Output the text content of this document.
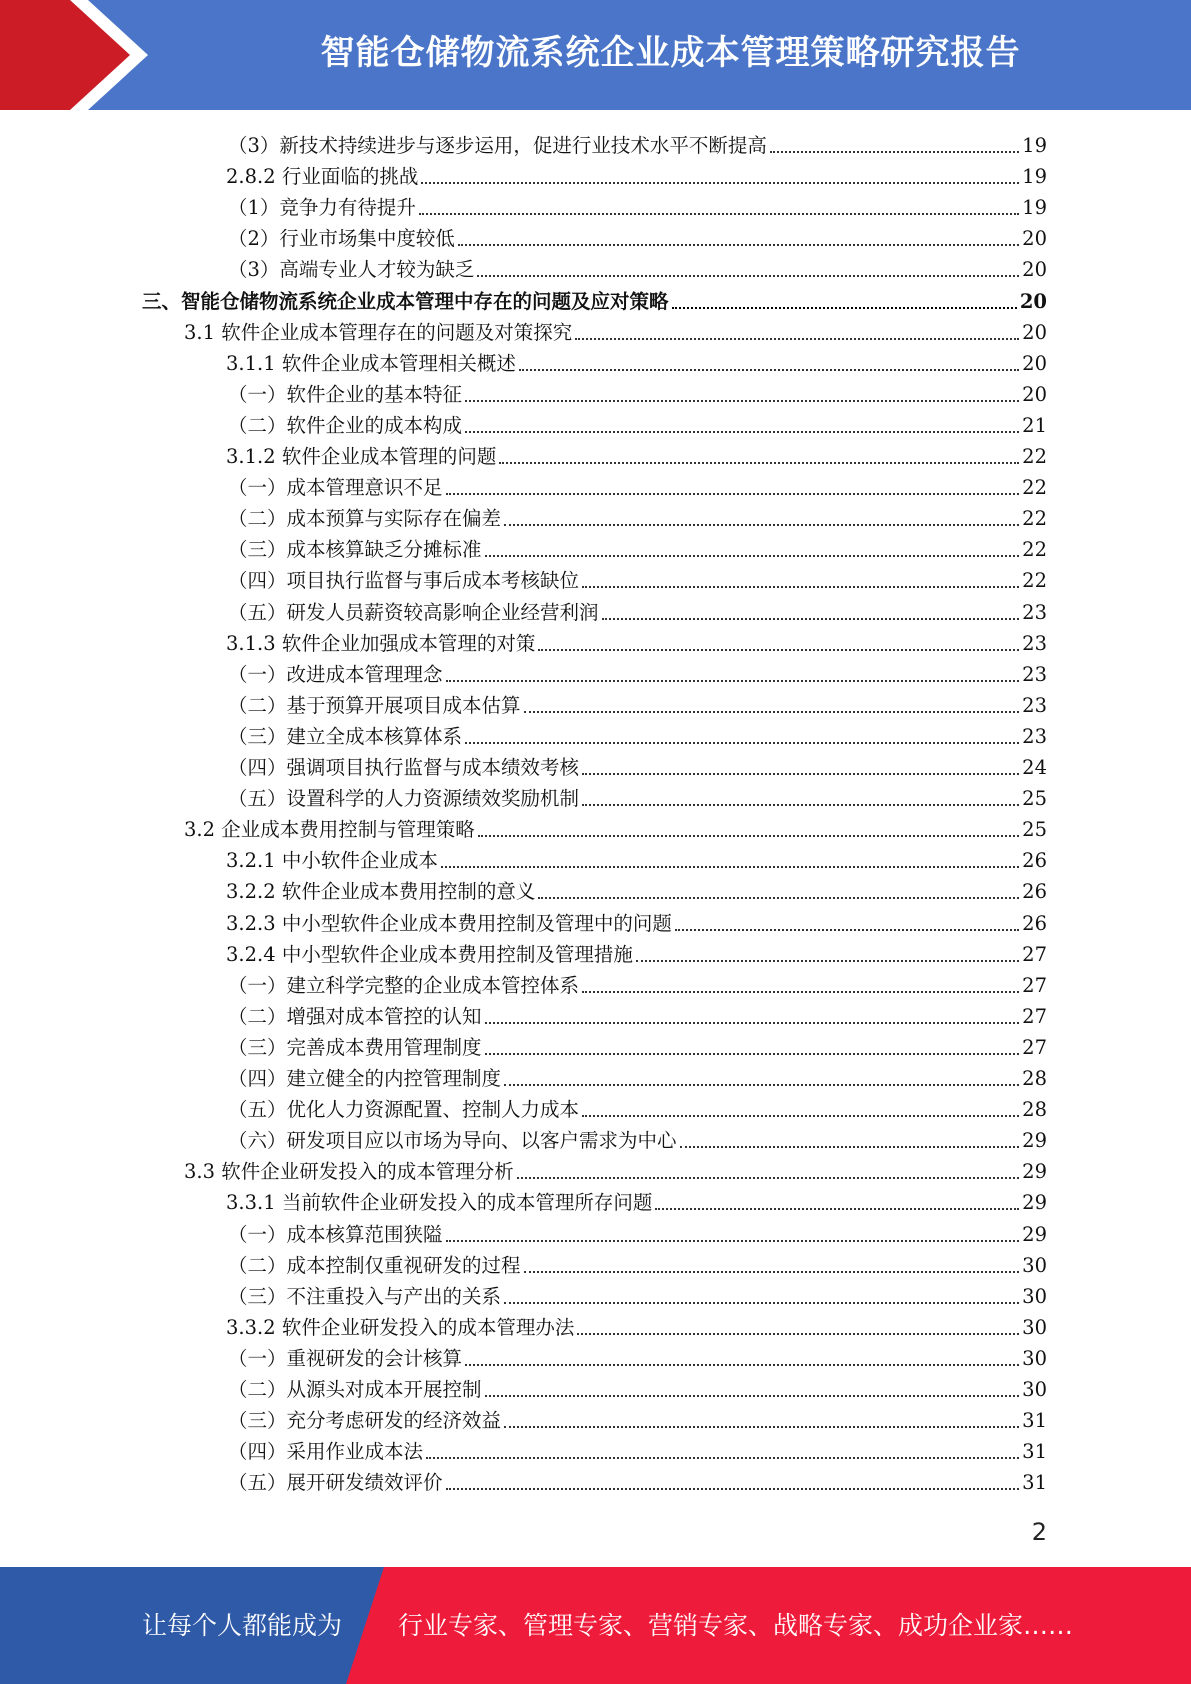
智能仓储物流系统企业成本管理策略研究报告
（3）新技术持续进步与逐步运用，促进行业技术水平不断提高	19
2.8.2 行业面临的挑战	19
（1）竞争力有待提升	19
（2）行业市场集中度较低	20
（3）高端专业人才较为缺乏	20
三、智能仓储物流系统企业成本管理中存在的问题及应对策略	20
3.1 软件企业成本管理存在的问题及对策探究	20
3.1.1 软件企业成本管理相关概述	20
（一）软件企业的基本特征	20
（二）软件企业的成本构成	21
3.1.2 软件企业成本管理的问题	22
（一）成本管理意识不足	22
（二）成本预算与实际存在偏差	22
（三）成本核算缺乏分摊标准	22
（四）项目执行监督与事后成本考核缺位	22
（五）研发人员薪资较高影响企业经营利润	23
3.1.3 软件企业加强成本管理的对策	23
（一）改进成本管理理念	23
（二）基于预算开展项目成本估算	23
（三）建立全成本核算体系	23
（四）强调项目执行监督与成本绩效考核	24
（五）设置科学的人力资源绩效奖励机制	25
3.2 企业成本费用控制与管理策略	25
3.2.1 中小软件企业成本	26
3.2.2 软件企业成本费用控制的意义	26
3.2.3 中小型软件企业成本费用控制及管理中的问题	26
3.2.4 中小型软件企业成本费用控制及管理措施	27
（一）建立科学完整的企业成本管控体系	27
（二）增强对成本管控的认知	27
（三）完善成本费用管理制度	27
（四）建立健全的内控管理制度	28
（五）优化人力资源配置、控制人力成本	28
（六）研发项目应以市场为导向、以客户需求为中心	29
3.3 软件企业研发投入的成本管理分析	29
3.3.1 当前软件企业研发投入的成本管理所存问题	29
（一）成本核算范围狭隘	29
（二）成本控制仅重视研发的过程	30
（三）不注重投入与产出的关系	30
3.3.2 软件企业研发投入的成本管理办法	30
（一）重视研发的会计核算	30
（二）从源头对成本开展控制	30
（三）充分考虑研发的经济效益	31
（四）采用作业成本法	31
（五）展开研发绩效评价	31
2
让每个人都能成为 行业专家、管理专家、营销专家、战略专家、成功企业家……
